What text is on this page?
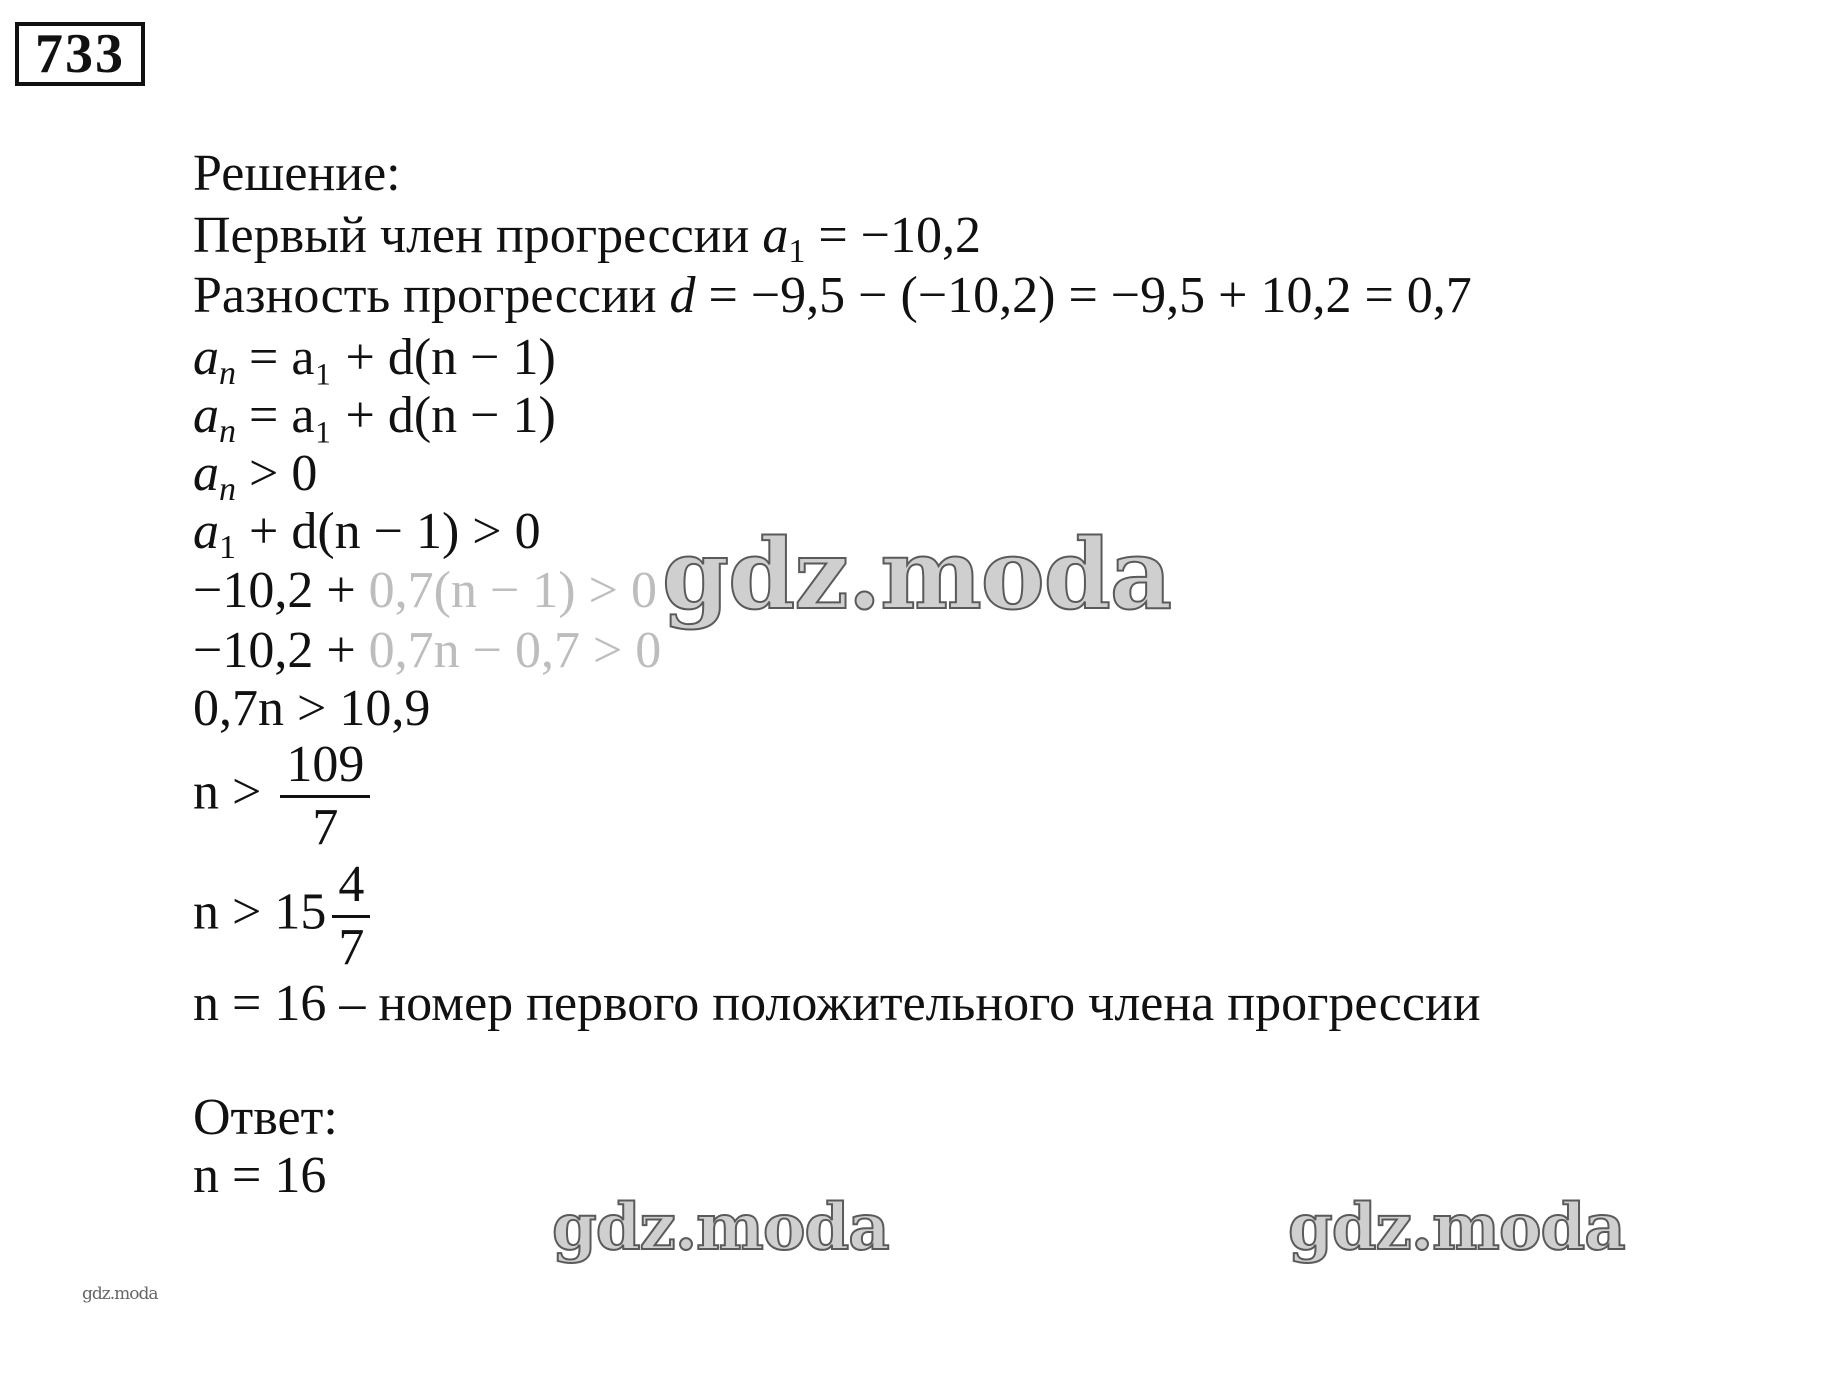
733
Решение:
Первый член прогрессии $a_1 = -10,2$
Разность прогрессии d = −9,5 − (−10,2) = −9,5 + 10,2 = 0,7
$a_n = a_1 + d(n - 1)$
$a_n = a_1 + d(n - 1)$
$a_n > 0$
$a_1 + d(n - 1) > 0$
−10,2 + 0,7(n − 1) > 0
−10,2 + 0,7n − 0,7 > 0
0,7n > 10,9
$n > \frac{109}{7}$
$n > 15 \frac{4}{7}$
n = 16 – номер первого положительного члена прогрессии
Ответ:
n = 16
gdz.moda
gdz.moda	gdz.moda
gdz.moda
